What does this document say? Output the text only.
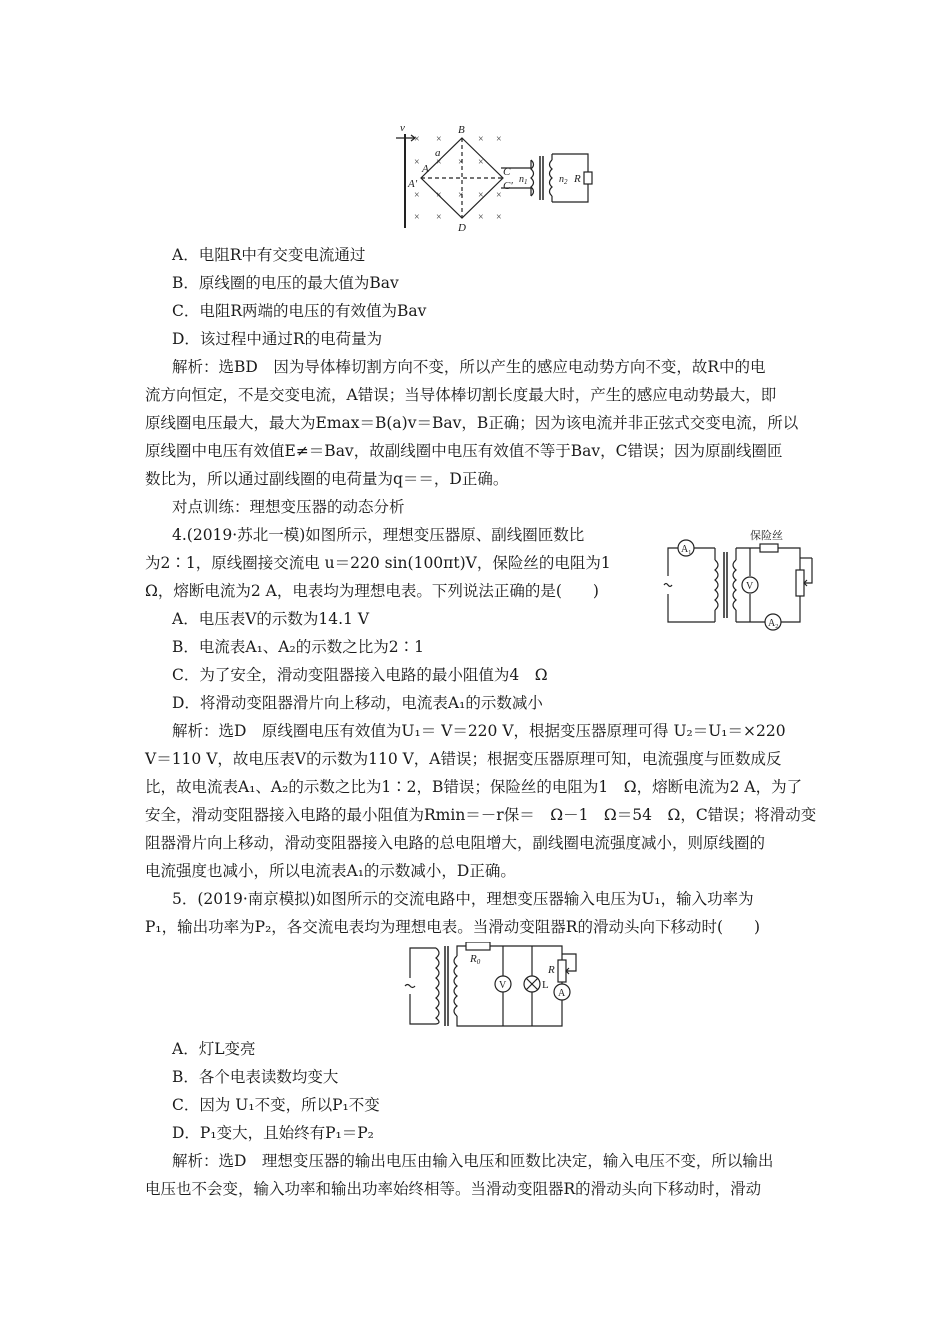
v	B
a
A
A′
C
C′
D
$n_1$	$n_2$ R
× ×	× ×
× × ×
×
× × ×
×	×
× ×	× ×
A．电阻R中有交变电流通过
B．原线圈的电压的最大值为Bav
C．电阻R两端的电压的有效值为Bav
D．该过程中通过R的电荷量为
解析：选BD　因为导体棒切割方向不变，所以产生的感应电动势方向不变，故R中的电
流方向恒定，不是交变电流，A错误；当导体棒切割长度最大时，产生的感应电动势最大，即
原线圈电压最大，最大为Emax＝B(a)v＝Bav，B正确；因为该电流并非正弦式交变电流，所以
原线圈中电压有效值E≠＝Bav，故副线圈中电压有效值不等于Bav，C错误；因为原副线圈匝
数比为，所以通过副线圈的电荷量为q＝＝，D正确。
对点训练：理想变压器的动态分析
4.(2019·苏北一模)如图所示，理想变压器原、副线圈匝数比
为2∶1，原线圈接交流电 u＝220 sin(100πt)V，保险丝的电阻为1
Ω，熔断电流为2 A，电表均为理想电表。下列说法正确的是(　　)
保险丝
$A_1$
$A_2$
V
A．电压表V的示数为14.1 V
B．电流表A₁、A₂的示数之比为2∶1
C．为了安全，滑动变阻器接入电路的最小阻值为4　Ω
D．将滑动变阻器滑片向上移动，电流表A₁的示数减小
解析：选D　原线圈电压有效值为U₁＝ V＝220 V，根据变压器原理可得 U₂＝U₁＝×220
V＝110 V，故电压表V的示数为110 V，A错误；根据变压器原理可知，电流强度与匝数成反
比，故电流表A₁、A₂的示数之比为1∶2，B错误；保险丝的电阻为1　Ω，熔断电流为2 A，为了
安全，滑动变阻器接入电路的最小阻值为Rmin＝－r保＝　Ω－1　Ω＝54　Ω，C错误；将滑动变
阻器滑片向上移动，滑动变阻器接入电路的总电阻增大，副线圈电流强度减小，则原线圈的
电流强度也减小，所以电流表A₁的示数减小，D正确。
5．(2019·南京模拟)如图所示的交流电路中，理想变压器输入电压为U₁，输入功率为
P₁，输出功率为P₂，各交流电表均为理想电表。当滑动变阻器R的滑动头向下移动时(　　)
R0
V	L
R
A
A．灯L变亮
B．各个电表读数均变大
C．因为 U₁不变，所以P₁不变
D．P₁变大，且始终有P₁＝P₂
解析：选D　理想变压器的输出电压由输入电压和匝数比决定，输入电压不变，所以输出
电压也不会变，输入功率和输出功率始终相等。当滑动变阻器R的滑动头向下移动时，滑动
